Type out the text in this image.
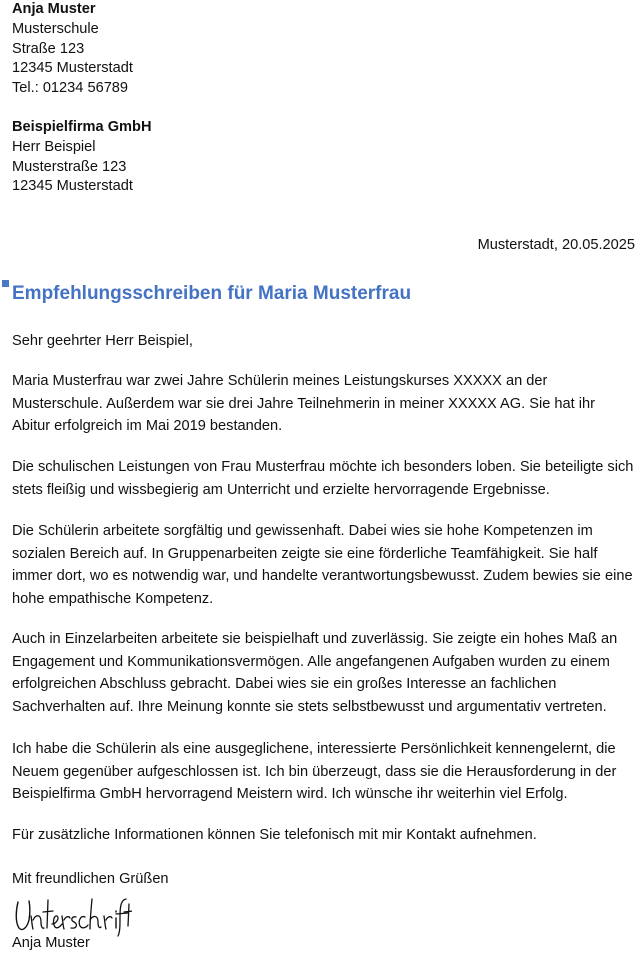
Anja Muster
Musterschule
Straße 123
12345 Musterstadt
Tel.: 01234 56789
Beispielfirma GmbH
Herr Beispiel
Musterstraße 123
12345 Musterstadt
Musterstadt, 20.05.2025
Empfehlungsschreiben für Maria Musterfrau

Sehr geehrter Herr Beispiel,

Maria Musterfrau war zwei Jahre Schülerin meines Leistungskurses XXXXX an der Musterschule. Außerdem war sie drei Jahre Teilnehmerin in meiner XXXXX AG. Sie hat ihr Abitur erfolgreich im Mai 2019 bestanden.

Die schulischen Leistungen von Frau Musterfrau möchte ich besonders loben. Sie beteiligte sich stets fleißig und wissbegierig am Unterricht und erzielte hervorragende Ergebnisse.

Die Schülerin arbeitete sorgfältig und gewissenhaft. Dabei wies sie hohe Kompetenzen im sozialen Bereich auf. In Gruppenarbeiten zeigte sie eine förderliche Teamfähigkeit. Sie half immer dort, wo es notwendig war, und handelte verantwortungsbewusst. Zudem bewies sie eine hohe empathische Kompetenz.

Auch in Einzelarbeiten arbeitete sie beispielhaft und zuverlässig. Sie zeigte ein hohes Maß an Engagement und Kommunikationsvermögen. Alle angefangenen Aufgaben wurden zu einem erfolgreichen Abschluss gebracht. Dabei wies sie ein großes Interesse an fachlichen Sachverhalten auf. Ihre Meinung konnte sie stets selbstbewusst und argumentativ vertreten.

Ich habe die Schülerin als eine ausgeglichene, interessierte Persönlichkeit kennengelernt, die Neuem gegenüber aufgeschlossen ist. Ich bin überzeugt, dass sie die Herausforderung in der Beispielfirma GmbH hervorragend Meistern wird. Ich wünsche ihr weiterhin viel Erfolg.

Für zusätzliche Informationen können Sie telefonisch mit mir Kontakt aufnehmen.

Mit freundlichen Grüßen

Anja Muster
